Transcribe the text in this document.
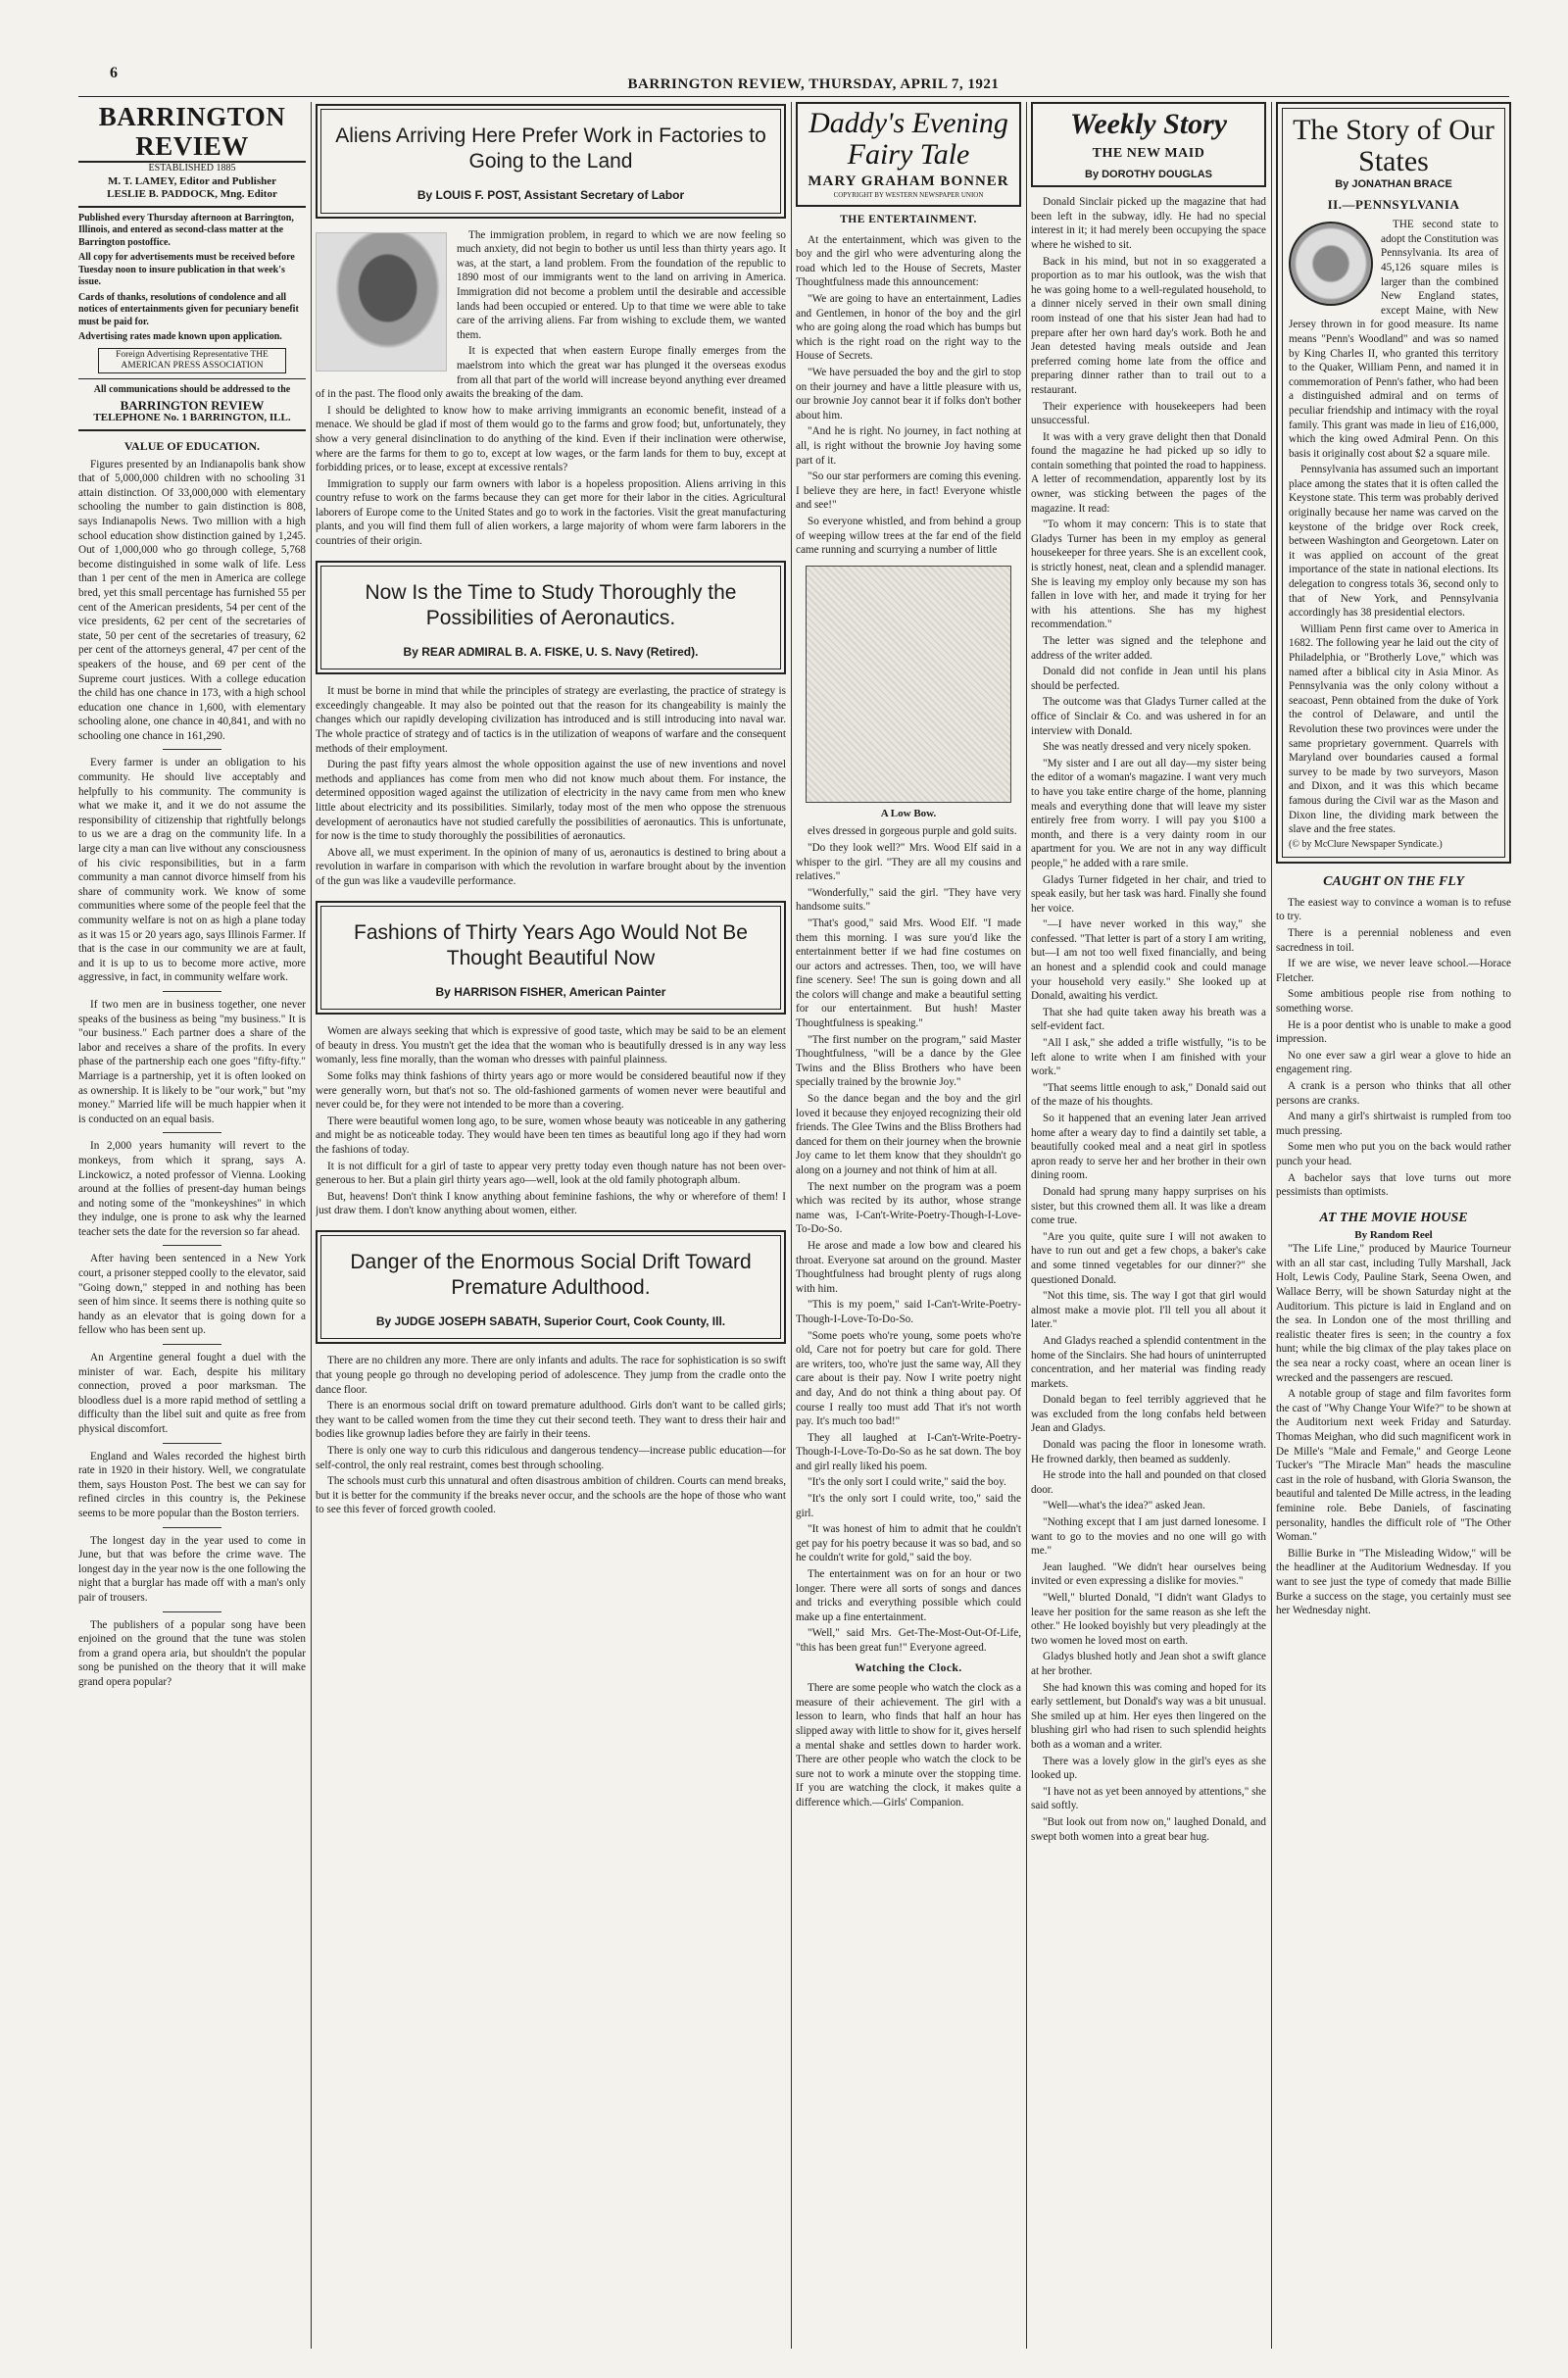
6
BARRINGTON REVIEW, THURSDAY, APRIL 7, 1921
BARRINGTON REVIEW
ESTABLISHED 1885
M. T. LAMEY, Editor and Publisher
LESLIE B. PADDOCK, Mng. Editor
Published every Thursday afternoon at Barrington, Illinois, and entered as second-class matter at the Barrington postoffice.
All copy for advertisements must be received before Tuesday noon to insure publication in that week's issue.
Cards of thanks, resolutions of condolence and all notices of entertainments given for pecuniary benefit must be paid for.
Advertising rates made known upon application.
Foreign Advertising Representative THE AMERICAN PRESS ASSOCIATION
All communications should be addressed to the
BARRINGTON REVIEW
TELEPHONE No. 1 BARRINGTON, ILL.
VALUE OF EDUCATION.

Figures presented by an Indianapolis bank show that of 5,000,000 children with no schooling 31 attain distinction. Of 33,000,000 with elementary schooling the number to gain distinction is 808, says Indianapolis News. Two million with a high school education show distinction gained by 1,245. Out of 1,000,000 who go through college, 5,768 become distinguished in some walk of life. Less than 1 per cent of the men in America are college bred, yet this small percentage has furnished 55 per cent of the American presidents, 54 per cent of the vice presidents, 62 per cent of the secretaries of state, 50 per cent of the secretaries of treasury, 62 per cent of the attorneys general, 47 per cent of the speakers of the house, and 69 per cent of the Supreme court justices. With a college education the child has one chance in 173, with a high school education one chance in 1,600, with elementary schooling alone, one chance in 40,841, and with no schooling one chance in 161,290.

Every farmer is under an obligation to his community. He should live acceptably and helpfully to his community. The community is what we make it, and it we do not assume the responsibility of citizenship that rightfully belongs to us we are a drag on the community life. In a large city a man can live without any consciousness of his civic responsibilities, but in a farm community a man cannot divorce himself from his share of community work. We know of some communities where some of the people feel that the community welfare is not on as high a plane today as it was 15 or 20 years ago, says Illinois Farmer. If that is the case in our community we are at fault, and it is up to us to become more active, more aggressive, in fact, in community welfare work.

If two men are in business together, one never speaks of the business as being "my business." It is "our business." Each partner does a share of the labor and receives a share of the profits. In every phase of the partnership each one goes "fifty-fifty." Marriage is a partnership, yet it is often looked on as ownership. It is likely to be "our work," but "my money." Married life will be much happier when it is conducted on an equal basis.

In 2,000 years humanity will revert to the monkeys, from which it sprang, says A. Linckowicz, a noted professor of Vienna. Looking around at the follies of present-day human beings and noting some of the "monkeyshines" in which they indulge, one is prone to ask why the learned teacher sets the date for the reversion so far ahead.

After having been sentenced in a New York court, a prisoner stepped coolly to the elevator, said "Going down," stepped in and nothing has been seen of him since. It seems there is nothing quite so handy as an elevator that is going down for a fellow who has been sent up.

An Argentine general fought a duel with the minister of war. Each, despite his military connection, proved a poor marksman. The bloodless duel is a more rapid method of settling a difficulty than the libel suit and quite as free from physical discomfort.

England and Wales recorded the highest birth rate in 1920 in their history. Well, we congratulate them, says Houston Post. The best we can say for refined circles in this country is, the Pekinese seems to be more popular than the Boston terriers.

The longest day in the year used to come in June, but that was before the crime wave. The longest day in the year now is the one following the night that a burglar has made off with a man's only pair of trousers.

The publishers of a popular song have been enjoined on the ground that the tune was stolen from a grand opera aria, but shouldn't the popular song be punished on the theory that it will make grand opera popular?

Aliens Arriving Here Prefer Work in Factories to Going to the Land
By LOUIS F. POST, Assistant Secretary of Labor

The immigration problem, in regard to which we are now feeling so much anxiety, did not begin to bother us until less than thirty years ago. It was, at the start, a land problem. From the foundation of the republic to 1890 most of our immigrants went to the land on arriving in America. Immigration did not become a problem until the desirable and accessible lands had been occupied or entered. Up to that time we were able to take care of the arriving aliens. Far from wishing to exclude them, we wanted them.

It is expected that when eastern Europe finally emerges from the maelstrom into which the great war has plunged it the overseas exodus from all that part of the world will increase beyond anything ever dreamed of in the past. The flood only awaits the breaking of the dam.

I should be delighted to know how to make arriving immigrants an economic benefit, instead of a menace. We should be glad if most of them would go to the farms and grow food; but, unfortunately, they show a very general disinclination to do anything of the kind. Even if their inclination were otherwise, where are the farms for them to go to, except at low wages, or the farm lands for them to buy, except at forbidding prices, or to lease, except at excessive rentals?

Immigration to supply our farm owners with labor is a hopeless proposition. Aliens arriving in this country refuse to work on the farms because they can get more for their labor in the cities. Agricultural laborers of Europe come to the United States and go to work in the factories. Visit the great manufacturing plants, and you will find them full of alien workers, a large majority of whom were farm laborers in the countries of their origin.

Now Is the Time to Study Thoroughly the Possibilities of Aeronautics.
By REAR ADMIRAL B. A. FISKE, U. S. Navy (Retired).

It must be borne in mind that while the principles of strategy are everlasting, the practice of strategy is exceedingly changeable. It may also be pointed out that the reason for its changeability is mainly the changes which our rapidly developing civilization has introduced and is still introducing into naval war. The whole practice of strategy and of tactics is in the utilization of weapons of warfare and the consequent methods of their employment.

During the past fifty years almost the whole opposition against the use of new inventions and novel methods and appliances has come from men who did not know much about them. For instance, the determined opposition waged against the utilization of electricity in the navy came from men who knew little about electricity and its possibilities. Similarly, today most of the men who oppose the strenuous development of aeronautics have not studied carefully the possibilities of aeronautics. This is unfortunate, for now is the time to study thoroughly the possibilities of aeronautics.

Above all, we must experiment. In the opinion of many of us, aeronautics is destined to bring about a revolution in warfare in comparison with which the revolution in warfare brought about by the invention of the gun was like a vaudeville performance.

Fashions of Thirty Years Ago Would Not Be Thought Beautiful Now
By HARRISON FISHER, American Painter

Women are always seeking that which is expressive of good taste, which may be said to be an element of beauty in dress. You mustn't get the idea that the woman who is beautifully dressed is in any way less womanly, less fine morally, than the woman who dresses with painful plainness.

Some folks may think fashions of thirty years ago or more would be considered beautiful now if they were generally worn, but that's not so. The old-fashioned garments of women never were beautiful and never could be, for they were not intended to be more than a covering.

There were beautiful women long ago, to be sure, women whose beauty was noticeable in any gathering and might be as noticeable today. They would have been ten times as beautiful long ago if they had worn the fashions of today.

It is not difficult for a girl of taste to appear very pretty today even though nature has not been over-generous to her. But a plain girl thirty years ago—well, look at the old family photograph album.

But, heavens! Don't think I know anything about feminine fashions, the why or wherefore of them! I just draw them. I don't know anything about women, either.

Danger of the Enormous Social Drift Toward Premature Adulthood.
By JUDGE JOSEPH SABATH, Superior Court, Cook County, Ill.

There are no children any more. There are only infants and adults. The race for sophistication is so swift that young people go through no developing period of adolescence. They jump from the cradle onto the dance floor.

There is an enormous social drift on toward premature adulthood. Girls don't want to be called girls; they want to be called women from the time they cut their second teeth. They want to dress their hair and bodies like grownup ladies before they are fairly in their teens.

There is only one way to curb this ridiculous and dangerous tendency—increase public education—for self-control, the only real restraint, comes best through schooling.

The schools must curb this unnatural and often disastrous ambition of children. Courts can mend breaks, but it is better for the community if the breaks never occur, and the schools are the hope of those who want to see this fever of forced growth cooled.

Daddy's Evening Fairy Tale
MARY GRAHAM BONNER
COPYRIGHT BY WESTERN NEWSPAPER UNION
THE ENTERTAINMENT.

At the entertainment, which was given to the boy and the girl who were adventuring along the road which led to the House of Secrets, Master Thoughtfulness made this announcement:

"We are going to have an entertainment, Ladies and Gentlemen, in honor of the boy and the girl who are going along the road which has bumps but which is the right road on the right way to the House of Secrets.

"We have persuaded the boy and the girl to stop on their journey and have a little pleasure with us, our brownie Joy cannot bear it if folks don't bother about him.

"And he is right. No journey, in fact nothing at all, is right without the brownie Joy having some part of it.

"So our star performers are coming this evening. I believe they are here, in fact! Everyone whistle and see!"

So everyone whistled, and from behind a group of weeping willow trees at the far end of the field came running and scurrying a number of little

A Low Bow.

elves dressed in gorgeous purple and gold suits.

"Do they look well?" Mrs. Wood Elf said in a whisper to the girl. "They are all my cousins and relatives."

"Wonderfully," said the girl. "They have very handsome suits."

"That's good," said Mrs. Wood Elf. "I made them this morning. I was sure you'd like the entertainment better if we had fine costumes on our actors and actresses. Then, too, we will have fine scenery. See! The sun is going down and all the colors will change and make a beautiful setting for our entertainment. But hush! Master Thoughtfulness is speaking."

"The first number on the program," said Master Thoughtfulness, "will be a dance by the Glee Twins and the Bliss Brothers who have been specially trained by the brownie Joy."

So the dance began and the boy and the girl loved it because they enjoyed recognizing their old friends. The Glee Twins and the Bliss Brothers had danced for them on their journey when the brownie Joy came to let them know that they shouldn't go along on a journey and not think of him at all.

The next number on the program was a poem which was recited by its author, whose strange name was, I-Can't-Write-Poetry-Though-I-Love-To-Do-So.

He arose and made a low bow and cleared his throat. Everyone sat around on the ground. Master Thoughtfulness had brought plenty of rugs along with him.

"This is my poem," said I-Can't-Write-Poetry-Though-I-Love-To-Do-So.

"Some poets who're young, some poets who're old, Care not for poetry but care for gold. There are writers, too, who're just the same way, All they care about is their pay. Now I write poetry night and day, And do not think a thing about pay. Of course I really too must add That it's not worth pay. It's much too bad!"

They all laughed at I-Can't-Write-Poetry-Though-I-Love-To-Do-So as he sat down. The boy and girl really liked his poem.

"It's the only sort I could write," said the boy.

"It's the only sort I could write, too," said the girl.

"It was honest of him to admit that he couldn't get pay for his poetry because it was so bad, and so he couldn't write for gold," said the boy.

The entertainment was on for an hour or two longer. There were all sorts of songs and dances and tricks and everything possible which could make up a fine entertainment.

"Well," said Mrs. Get-The-Most-Out-Of-Life, "this has been great fun!" Everyone agreed.

Watching the Clock.

There are some people who watch the clock as a measure of their achievement. The girl with a lesson to learn, who finds that half an hour has slipped away with little to show for it, gives herself a mental shake and settles down to harder work. There are other people who watch the clock to be sure not to work a minute over the stopping time. If you are watching the clock, it makes quite a difference which.—Girls' Companion.

Weekly Story
THE NEW MAID
By DOROTHY DOUGLAS

Donald Sinclair picked up the magazine that had been left in the subway, idly. He had no special interest in it; it had merely been occupying the space where he wished to sit.

Back in his mind, but not in so exaggerated a proportion as to mar his outlook, was the wish that he was going home to a well-regulated household, to a dinner nicely served in their own small dining room instead of one that his sister Jean had had to prepare after her own hard day's work. Both he and Jean detested having meals outside and Jean preferred coming home late from the office and preparing dinner rather than to trail out to a restaurant.

Their experience with housekeepers had been unsuccessful.

It was with a very grave delight then that Donald found the magazine he had picked up so idly to contain something that pointed the road to happiness. A letter of recommendation, apparently lost by its owner, was sticking between the pages of the magazine. It read:

"To whom it may concern: This is to state that Gladys Turner has been in my employ as general housekeeper for three years. She is an excellent cook, is strictly honest, neat, clean and a splendid manager. She is leaving my employ only because my son has fallen in love with her, and made it trying for her with his attentions. She has my highest recommendation."

The letter was signed and the telephone and address of the writer added.

Donald did not confide in Jean until his plans should be perfected.

The outcome was that Gladys Turner called at the office of Sinclair & Co. and was ushered in for an interview with Donald.

She was neatly dressed and very nicely spoken.

"My sister and I are out all day—my sister being the editor of a woman's magazine. I want very much to have you take entire charge of the home, planning meals and everything done that will leave my sister entirely free from worry. I will pay you $100 a month, and there is a very dainty room in our apartment for you. We are not in any way difficult people," he added with a rare smile.

Gladys Turner fidgeted in her chair, and tried to speak easily, but her task was hard. Finally she found her voice.

"—I have never worked in this way," she confessed. "That letter is part of a story I am writing, but—I am not too well fixed financially, and being an honest and a splendid cook and could manage your household very easily." She looked up at Donald, awaiting his verdict.

That she had quite taken away his breath was a self-evident fact.

"All I ask," she added a trifle wistfully, "is to be left alone to write when I am finished with your work."

"That seems little enough to ask," Donald said out of the maze of his thoughts.

So it happened that an evening later Jean arrived home after a weary day to find a daintily set table, a beautifully cooked meal and a neat girl in spotless apron ready to serve her and her brother in their own dining room.

Donald had sprung many happy surprises on his sister, but this crowned them all. It was like a dream come true.

"Are you quite, quite sure I will not awaken to have to run out and get a few chops, a baker's cake and some tinned vegetables for our dinner?" she questioned Donald.

"Not this time, sis. The way I got that girl would almost make a movie plot. I'll tell you all about it later."

And Gladys reached a splendid contentment in the home of the Sinclairs. She had hours of uninterrupted concentration, and her material was finding ready markets.

Donald began to feel terribly aggrieved that he was excluded from the long confabs held between Jean and Gladys.

Donald was pacing the floor in lonesome wrath. He frowned darkly, then beamed as suddenly.

He strode into the hall and pounded on that closed door.

"Well—what's the idea?" asked Jean.

"Nothing except that I am just darned lonesome. I want to go to the movies and no one will go with me."

Jean laughed. "We didn't hear ourselves being invited or even expressing a dislike for movies."

"Well," blurted Donald, "I didn't want Gladys to leave her position for the same reason as she left the other." He looked boyishly but very pleadingly at the two women he loved most on earth.

Gladys blushed hotly and Jean shot a swift glance at her brother.

She had known this was coming and hoped for its early settlement, but Donald's way was a bit unusual. She smiled up at him. Her eyes then lingered on the blushing girl who had risen to such splendid heights both as a woman and a writer.

There was a lovely glow in the girl's eyes as she looked up.

"I have not as yet been annoyed by attentions," she said softly.

"But look out from now on," laughed Donald, and swept both women into a great bear hug.

The Story of Our States
By JONATHAN BRACE
II.—PENNSYLVANIA

THE second state to adopt the Constitution was Pennsylvania. Its area of 45,126 square miles is larger than the combined New England states, except Maine, with New Jersey thrown in for good measure. Its name means "Penn's Woodland" and was so named by King Charles II, who granted this territory to the Quaker, William Penn, and named it in commemoration of Penn's father, who had been a distinguished admiral and on terms of peculiar friendship and intimacy with the royal family. This grant was made in lieu of £16,000, which the king owed Admiral Penn. On this basis it originally cost about $2 a square mile.

Pennsylvania has assumed such an important place among the states that it is often called the Keystone state. This term was probably derived originally because her name was carved on the keystone of the bridge over Rock creek, between Washington and Georgetown. Later on it was applied on account of the great importance of the state in national elections. Its delegation to congress totals 36, second only to that of New York, and Pennsylvania accordingly has 38 presidential electors.

William Penn first came over to America in 1682. The following year he laid out the city of Philadelphia, or "Brotherly Love," which was named after a biblical city in Asia Minor. As Pennsylvania was the only colony without a seacoast, Penn obtained from the duke of York the control of Delaware, and until the Revolution these two provinces were under the same proprietary government. Quarrels with Maryland over boundaries caused a formal survey to be made by two surveyors, Mason and Dixon, and it was this which became famous during the Civil war as the Mason and Dixon line, the dividing mark between the slave and the free states.

(© by McClure Newspaper Syndicate.)
CAUGHT ON THE FLY

The easiest way to convince a woman is to refuse to try.

There is a perennial nobleness and even sacredness in toil.

If we are wise, we never leave school.—Horace Fletcher.

Some ambitious people rise from nothing to something worse.

He is a poor dentist who is unable to make a good impression.

No one ever saw a girl wear a glove to hide an engagement ring.

A crank is a person who thinks that all other persons are cranks.

And many a girl's shirtwaist is rumpled from too much pressing.

Some men who put you on the back would rather punch your head.

A bachelor says that love turns out more pessimists than optimists.

AT THE MOVIE HOUSE
By Random Reel

"The Life Line," produced by Maurice Tourneur with an all star cast, including Tully Marshall, Jack Holt, Lewis Cody, Pauline Stark, Seena Owen, and Wallace Berry, will be shown Saturday night at the Auditorium. This picture is laid in England and on the sea. In London one of the most thrilling and realistic theater fires is seen; in the country a fox hunt; while the big climax of the play takes place on the sea near a rocky coast, where an ocean liner is wrecked and the passengers are rescued.

A notable group of stage and film favorites form the cast of "Why Change Your Wife?" to be shown at the Auditorium next week Friday and Saturday. Thomas Meighan, who did such magnificent work in De Mille's "Male and Female," and George Leone Tucker's "The Miracle Man" heads the masculine cast in the role of husband, with Gloria Swanson, the beautiful and talented De Mille actress, in the leading feminine role. Bebe Daniels, of fascinating personality, handles the difficult role of "The Other Woman."

Billie Burke in "The Misleading Widow," will be the headliner at the Auditorium Wednesday. If you want to see just the type of comedy that made Billie Burke a success on the stage, you certainly must see her Wednesday night.
